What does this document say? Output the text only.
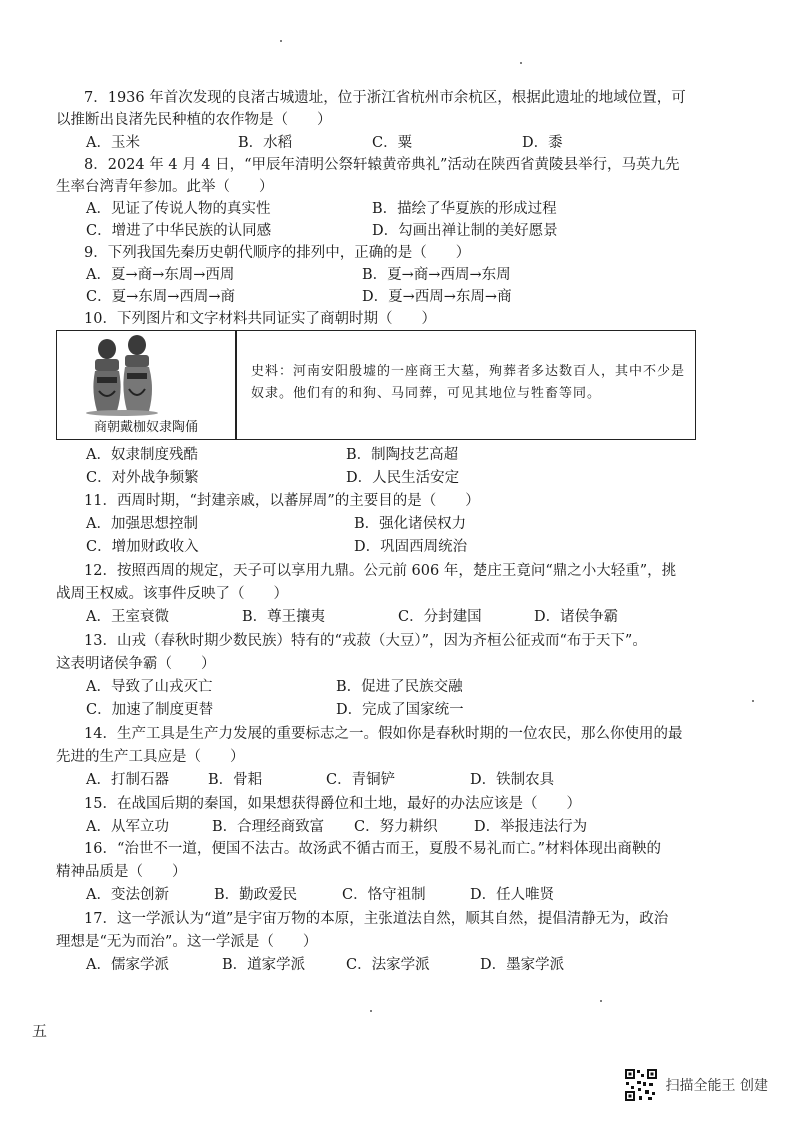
7．1936 年首次发现的良渚古城遗址，位于浙江省杭州市余杭区，根据此遗址的地域位置，可
以推断出良渚先民种植的农作物是（　　）
A．玉米	B．水稻	C．粟	D．黍
8．2024 年 4 月 4 日，“甲辰年清明公祭轩辕黄帝典礼”活动在陕西省黄陵县举行，马英九先
生率台湾青年参加。此举（　　）
A．见证了传说人物的真实性	B．描绘了华夏族的形成过程
C．增进了中华民族的认同感	D．勾画出禅让制的美好愿景
9．下列我国先秦历史朝代顺序的排列中，正确的是（　　）
A．夏→商→东周→西周	B．夏→商→西周→东周
C．夏→东周→西周→商	D．夏→西周→东周→商
10．下列图片和文字材料共同证实了商朝时期（　　）
商朝戴枷奴隶陶俑
史料：河南安阳殷墟的一座商王大墓，殉葬者多达数百人，其中不少是奴隶。他们有的和狗、马同葬，可见其地位与牲畜等同。
A．奴隶制度残酷	B．制陶技艺高超
C．对外战争频繁	D．人民生活安定
11．西周时期，“封建亲戚，以蕃屏周”的主要目的是（　　）
A．加强思想控制	B．强化诸侯权力
C．增加财政收入	D．巩固西周统治
12．按照西周的规定，天子可以享用九鼎。公元前 606 年，楚庄王竟问“鼎之小大轻重”，挑
战周王权威。该事件反映了（　　）
A．王室衰微	B．尊王攘夷	C．分封建国	D．诸侯争霸
13．山戎（春秋时期少数民族）特有的“戎菽（大豆）”，因为齐桓公征戎而“布于天下”。
这表明诸侯争霸（　　）
A．导致了山戎灭亡	B．促进了民族交融
C．加速了制度更替	D．完成了国家统一
14．生产工具是生产力发展的重要标志之一。假如你是春秋时期的一位农民，那么你使用的最
先进的生产工具应是（　　）
A．打制石器	B．骨耜	C．青铜铲	D．铁制农具
15．在战国后期的秦国，如果想获得爵位和土地，最好的办法应该是（　　）
A．从军立功	B．合理经商致富 C．努力耕织	D．举报违法行为
16．“治世不一道，便国不法古。故汤武不循古而王，夏殷不易礼而亡。”材料体现出商鞅的
精神品质是（　　）
A．变法创新	B．勤政爱民	C．恪守祖制	D．任人唯贤
17．这一学派认为“道”是宇宙万物的本原，主张道法自然，顺其自然，提倡清静无为，政治
理想是“无为而治”。这一学派是（　　）
A．儒家学派	B．道家学派	C．法家学派	D．墨家学派
五
扫描全能王 创建
